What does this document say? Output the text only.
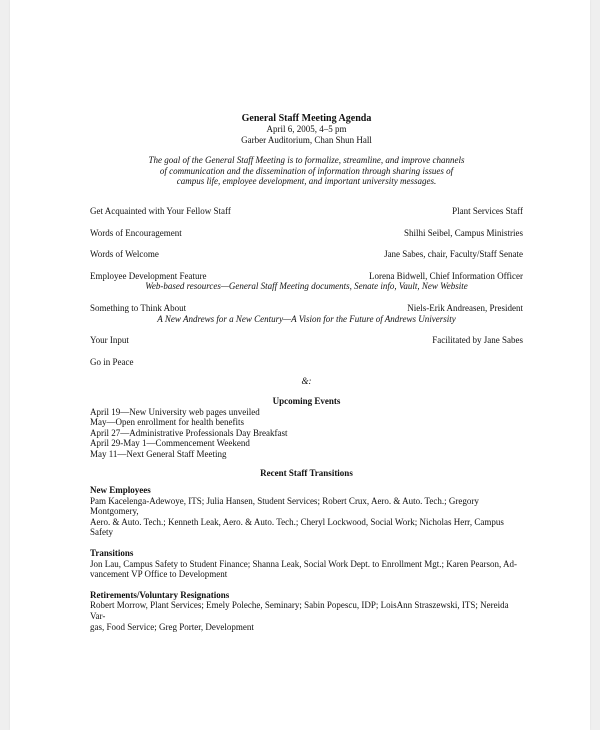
General Staff Meeting Agenda
April 6, 2005, 4–5 pm
Garber Auditorium, Chan Shun Hall
The goal of the General Staff Meeting is to formalize, streamline, and improve channels
of communication and the dissemination of information through sharing issues of
campus life, employee development, and important university messages.
Get Acquainted with Your Fellow Staff	Plant Services Staff
Words of Encouragement	Shilhi Seibel, Campus Ministries
Words of Welcome	Jane Sabes, chair, Faculty/Staff Senate
Employee Development Feature	Lorena Bidwell, Chief Information Officer
Web-based resources—General Staff Meeting documents, Senate info, Vault, New Website
Something to Think About	Niels-Erik Andreasen, President
A New Andrews for a New Century—A Vision for the Future of Andrews University
Your Input	Facilitated by Jane Sabes
Go in Peace
&:
Upcoming Events
April 19—New University web pages unveiled
May—Open enrollment for health benefits
April 27—Administrative Professionals Day Breakfast
April 29-May 1—Commencement Weekend
May 11—Next General Staff Meeting
Recent Staff Transitions
New Employees
Pam Kacelenga-Adewoye, ITS; Julia Hansen, Student Services; Robert Crux, Aero. & Auto. Tech.; Gregory Montgomery,
Aero. & Auto. Tech.; Kenneth Leak, Aero. & Auto. Tech.; Cheryl Lockwood, Social Work; Nicholas Herr, Campus Safety
Transitions
Jon Lau, Campus Safety to Student Finance; Shanna Leak, Social Work Dept. to Enrollment Mgt.; Karen Pearson, Ad-
vancement VP Office to Development
Retirements/Voluntary Resignations
Robert Morrow, Plant Services; Emely Poleche, Seminary; Sabin Popescu, IDP; LoisAnn Straszewski, ITS; Nereida Var-
gas, Food Service; Greg Porter, Development
